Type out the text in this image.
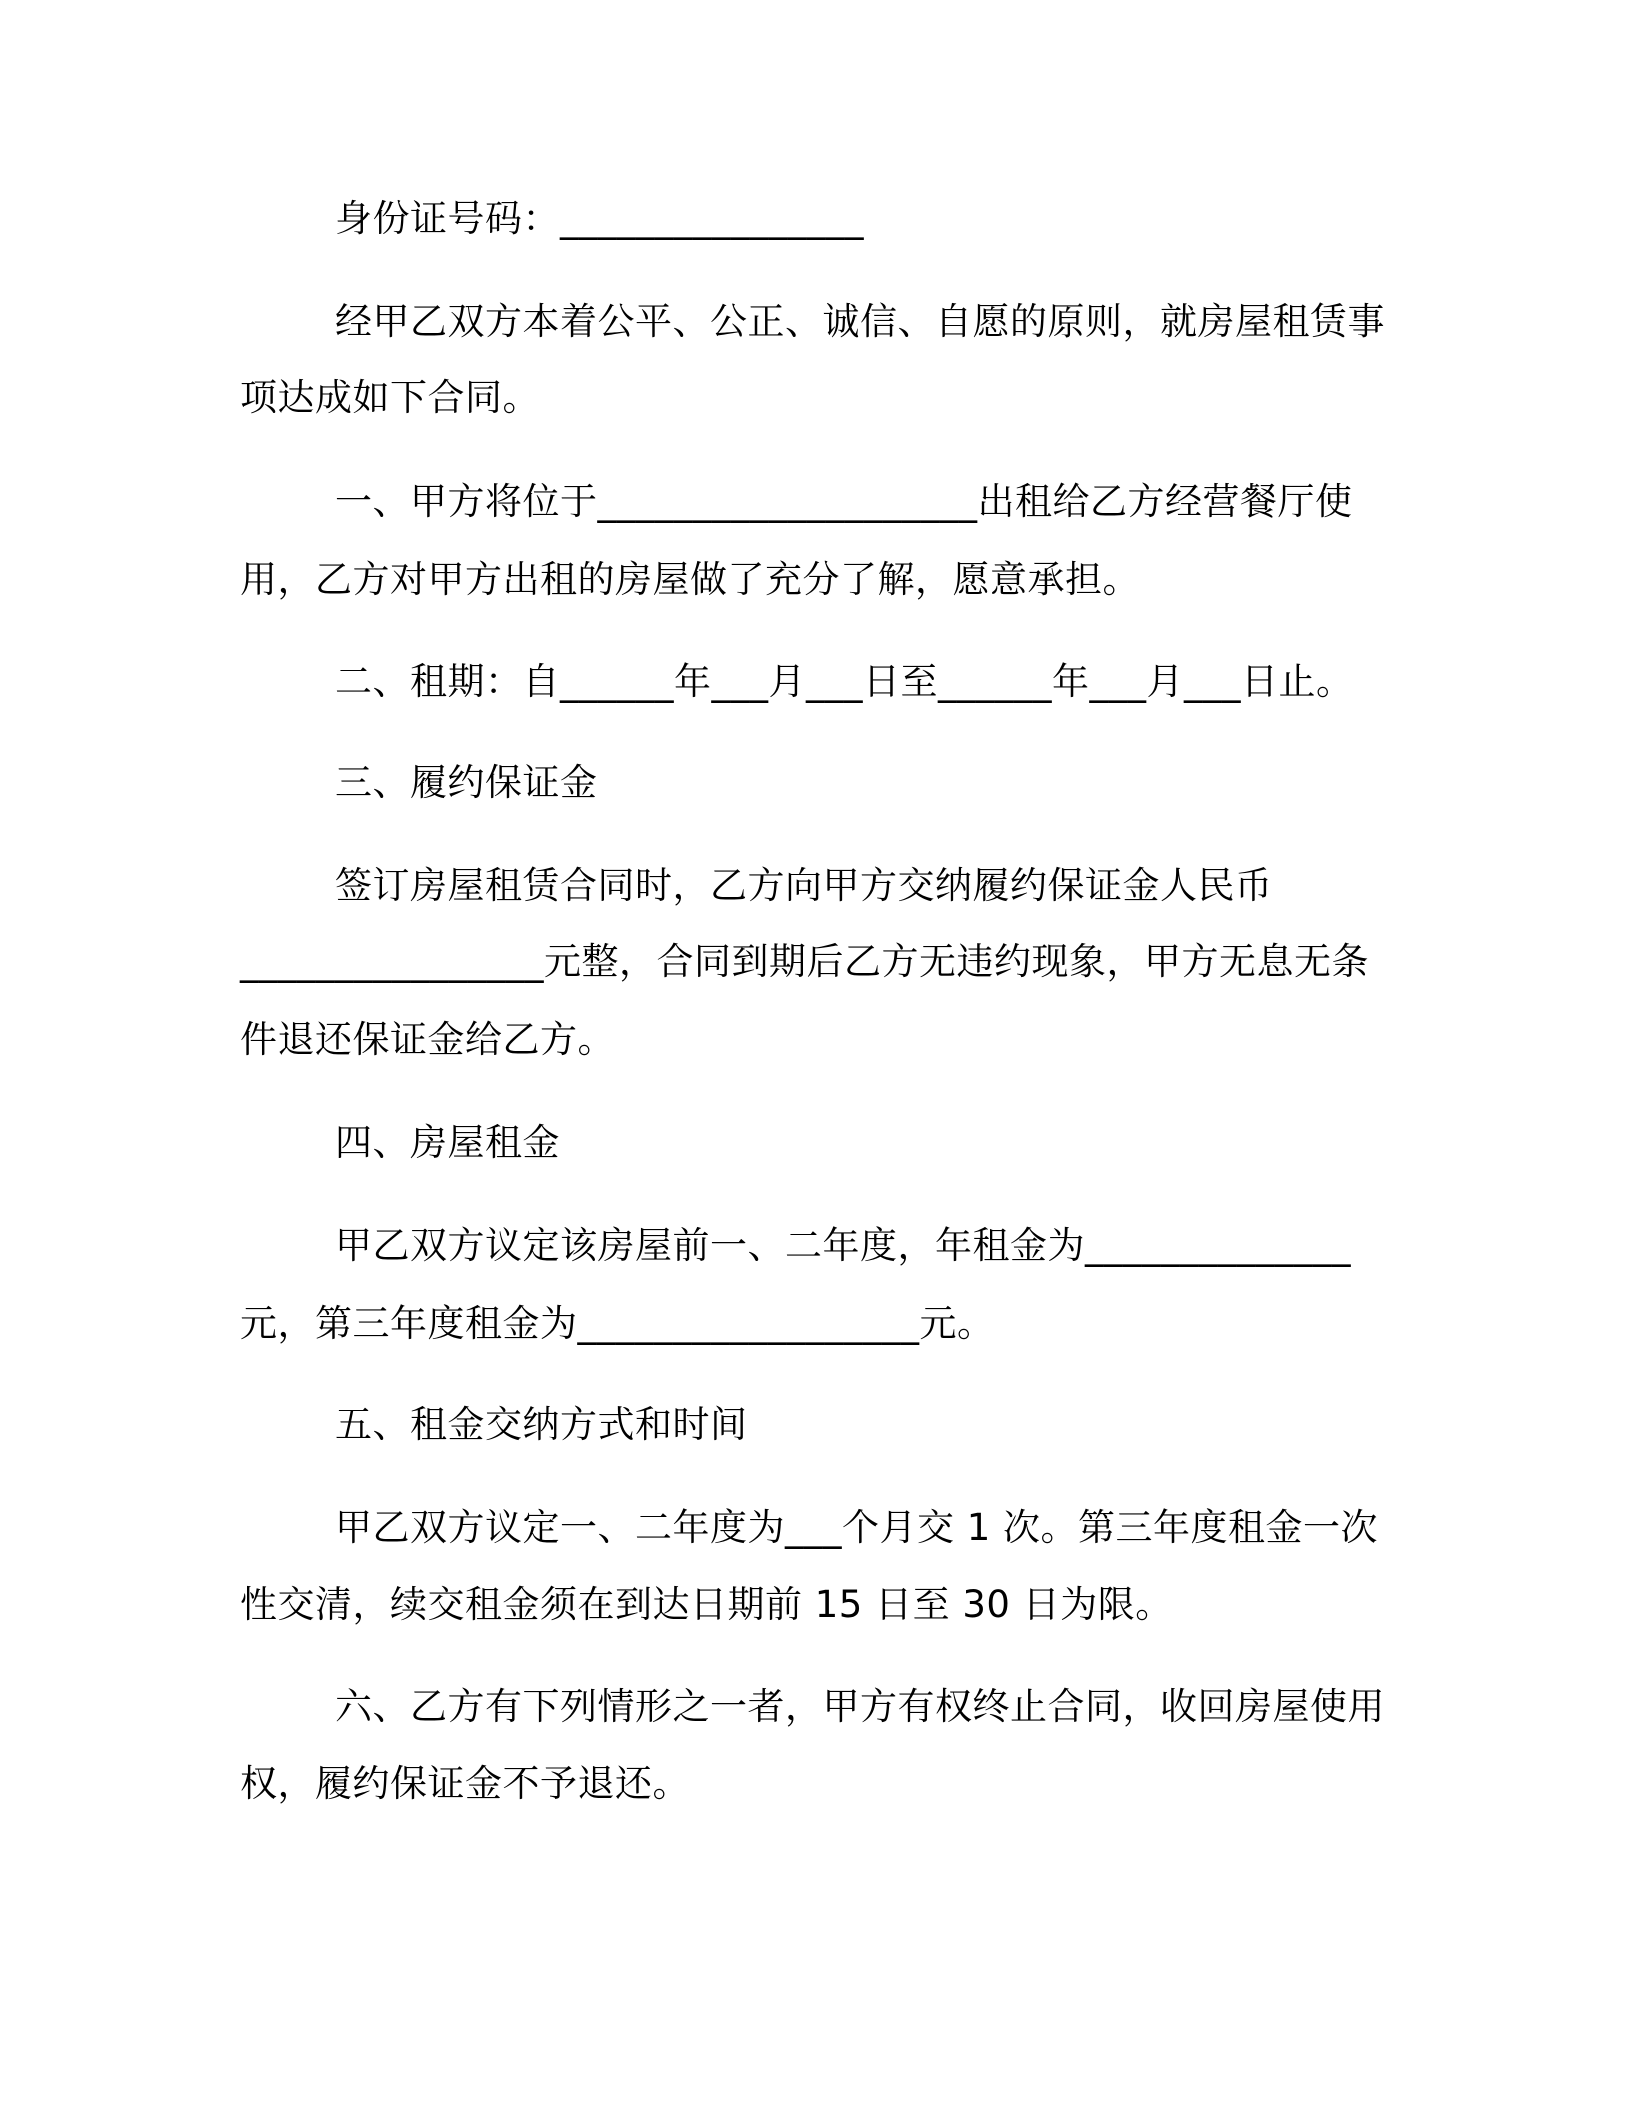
身份证号码：________________
经甲乙双方本着公平、公正、诚信、自愿的原则，就房屋租赁事
项达成如下合同。
一、甲方将位于____________________出租给乙方经营餐厅使
用，乙方对甲方出租的房屋做了充分了解，愿意承担。
二、租期：自______年___月___日至______年___月___日止。
三、履约保证金
签订房屋租赁合同时，乙方向甲方交纳履约保证金人民币
________________元整，合同到期后乙方无违约现象，甲方无息无条
件退还保证金给乙方。
四、房屋租金
甲乙双方议定该房屋前一、二年度，年租金为______________
元，第三年度租金为__________________元。
五、租金交纳方式和时间
甲乙双方议定一、二年度为___个月交 1 次。第三年度租金一次
性交清，续交租金须在到达日期前 15 日至 30 日为限。
六、乙方有下列情形之一者，甲方有权终止合同，收回房屋使用
权，履约保证金不予退还。
